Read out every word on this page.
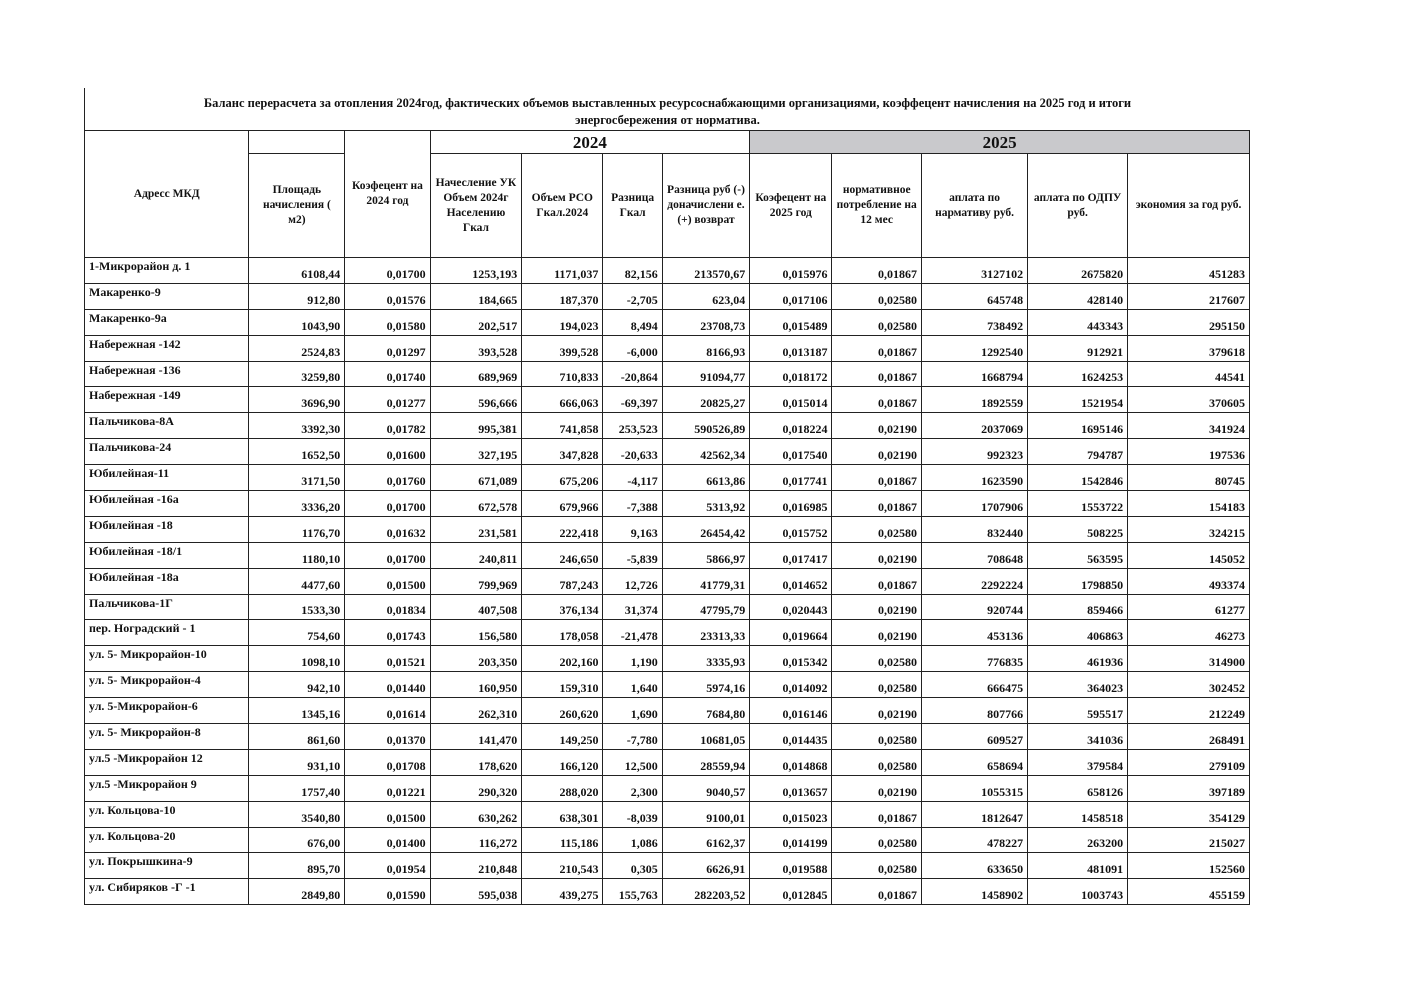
Баланс перерасчета за отопления 2024год, фактических объемов выставленных ресурсоснабжающими организациями, коэффецент начисления на 2025 год и итоги
энергосбережения от норматива.
Адресс МКД		Коэфецент на 2024 год	2024				2025				
	Площадь начисления ( м2)		Начесление УК Объем 2024г Населению Гкал	Объем РСО Гкал.2024	Разница Гкал	Разница руб (-) доначислени е. (+) возврат	Коэфецент на 2025 год	нормативное потребление на 12 мес	аплата по нармативу руб.	аплата по ОДПУ руб.	экономия за год руб.
1-Микрорайон д. 1	6108,44	0,01700	1253,193	1171,037	82,156	213570,67	0,015976	0,01867	3127102	2675820	451283
Макаренко-9	912,80	0,01576	184,665	187,370	-2,705	623,04	0,017106	0,02580	645748	428140	217607
Макаренко-9а	1043,90	0,01580	202,517	194,023	8,494	23708,73	0,015489	0,02580	738492	443343	295150
Набережная -142	2524,83	0,01297	393,528	399,528	-6,000	8166,93	0,013187	0,01867	1292540	912921	379618
Набережная -136	3259,80	0,01740	689,969	710,833	-20,864	91094,77	0,018172	0,01867	1668794	1624253	44541
Набережная -149	3696,90	0,01277	596,666	666,063	-69,397	20825,27	0,015014	0,01867	1892559	1521954	370605
Пальчикова-8А	3392,30	0,01782	995,381	741,858	253,523	590526,89	0,018224	0,02190	2037069	1695146	341924
Пальчикова-24	1652,50	0,01600	327,195	347,828	-20,633	42562,34	0,017540	0,02190	992323	794787	197536
Юбилейная-11	3171,50	0,01760	671,089	675,206	-4,117	6613,86	0,017741	0,01867	1623590	1542846	80745
Юбилейная -16а	3336,20	0,01700	672,578	679,966	-7,388	5313,92	0,016985	0,01867	1707906	1553722	154183
Юбилейная -18	1176,70	0,01632	231,581	222,418	9,163	26454,42	0,015752	0,02580	832440	508225	324215
Юбилейная -18/1	1180,10	0,01700	240,811	246,650	-5,839	5866,97	0,017417	0,02190	708648	563595	145052
Юбилейная -18а	4477,60	0,01500	799,969	787,243	12,726	41779,31	0,014652	0,01867	2292224	1798850	493374
Пальчикова-1Г	1533,30	0,01834	407,508	376,134	31,374	47795,79	0,020443	0,02190	920744	859466	61277
пер. Ноградский - 1	754,60	0,01743	156,580	178,058	-21,478	23313,33	0,019664	0,02190	453136	406863	46273
ул. 5- Микрорайон-10	1098,10	0,01521	203,350	202,160	1,190	3335,93	0,015342	0,02580	776835	461936	314900
ул. 5- Микрорайон-4	942,10	0,01440	160,950	159,310	1,640	5974,16	0,014092	0,02580	666475	364023	302452
ул. 5-Микрорайон-6	1345,16	0,01614	262,310	260,620	1,690	7684,80	0,016146	0,02190	807766	595517	212249
ул. 5- Микрорайон-8	861,60	0,01370	141,470	149,250	-7,780	10681,05	0,014435	0,02580	609527	341036	268491
ул.5 -Микрорайон 12	931,10	0,01708	178,620	166,120	12,500	28559,94	0,014868	0,02580	658694	379584	279109
ул.5 -Микрорайон 9	1757,40	0,01221	290,320	288,020	2,300	9040,57	0,013657	0,02190	1055315	658126	397189
ул. Кольцова-10	3540,80	0,01500	630,262	638,301	-8,039	9100,01	0,015023	0,01867	1812647	1458518	354129
ул. Кольцова-20	676,00	0,01400	116,272	115,186	1,086	6162,37	0,014199	0,02580	478227	263200	215027
ул. Покрышкина-9	895,70	0,01954	210,848	210,543	0,305	6626,91	0,019588	0,02580	633650	481091	152560
ул. Сибиряков -Г -1	2849,80	0,01590	595,038	439,275	155,763	282203,52	0,012845	0,01867	1458902	1003743	455159
